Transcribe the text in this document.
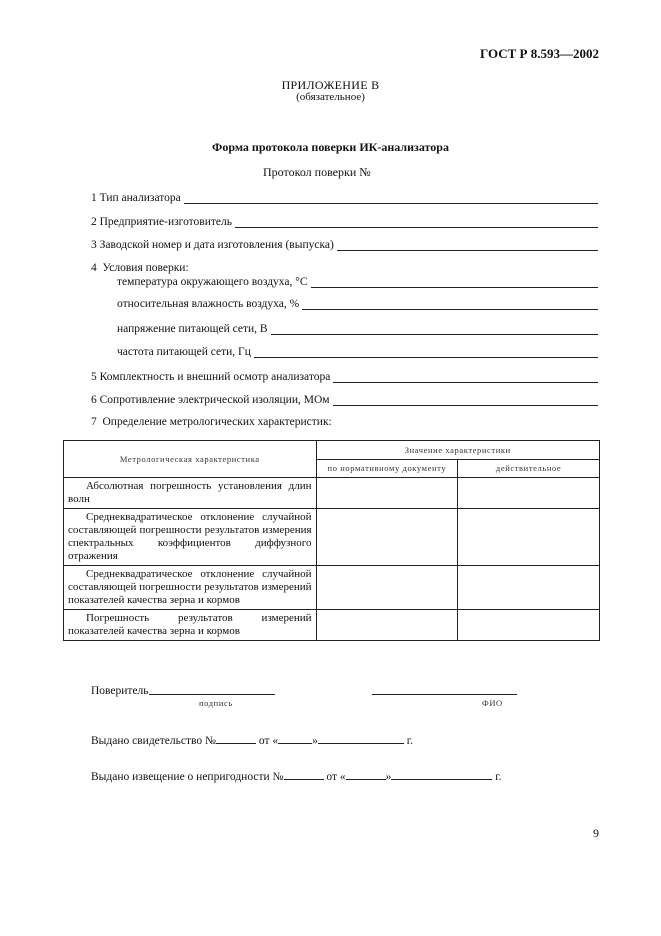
ГОСТ Р 8.593—2002
ПРИЛОЖЕНИЕ В
(обязательное)
Форма протокола поверки ИК-анализатора
Протокол поверки №
1
Тип анализатора
2
Предприятие-изготовитель
3
Заводской номер и дата изготовления (выпуска)
4 Условия поверки:
температура окружающего воздуха, °С
относительная влажность воздуха, %
напряжение питающей сети, В
частота питающей сети, Гц
5
Комплектность и внешний осмотр анализатора
6
Сопротивление электрической изоляции, МОм
7 Определение метрологических характеристик:
Метрологическая характеристика	Значение характеристики	
	по нормативному документу	действительное
Абсолютная погрешность установления длин волн		
Среднеквадратическое отклонение случайной составляющей погрешности результатов измерения спектральных коэффициентов диффузного отражения		
Среднеквадратическое отклонение случайной составляющей погрешности результатов измерений показателей качества зерна и кормов		
Погрешность результатов измерений показателей качества зерна и кормов		
Поверитель
подпись	ФИО
Выдано свидетельство №	от «	»	г.
Выдано извещение о непригодности №	от «	»	г.
9
